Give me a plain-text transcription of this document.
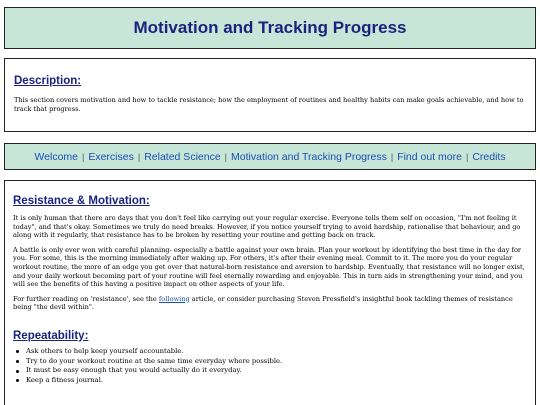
Motivation and Tracking Progress
Description:

This section covers motivation and how to tackle resistance; how the employment of routines and healthy habits can make goals achievable, and how to track that progress.

Welcome | Exercises | Related Science | Motivation and Tracking Progress | Find out more | Credits
Resistance & Motivation:

It is only human that there are days that you don't feel like carrying out your regular exercise. Everyone tells them self on occasion, "I'm not feeling it today", and that's okay. Sometimes we truly do need breaks. However, if you notice yourself trying to avoid hardship, rationalise that behaviour, and go along with it regularly, that resistance has to be broken by resetting your routine and getting back on track.

A battle is only ever won with careful planning- especially a battle against your own brain. Plan your workout by identifying the best time in the day for you. For some, this is the morning immediately after waking up. For others, it's after their evening meal. Commit to it. The more you do your regular workout routine, the more of an edge you get over that natural-born resistance and aversion to hardship. Eventually, that resistance will no longer exist, and your daily workout becoming part of your routine will feel eternally rewarding and enjoyable. This in turn aids in strengthening your mind, and you will see the benefits of this having a positive impact on other aspects of your life.

For further reading on 'resistance', see the following article, or consider purchasing Steven Pressfield's insightful book tackling themes of resistance being "the devil within".

Repeatability:
Ask others to help keep yourself accountable.
Try to do your workout routine at the same time everyday where possible.
It must be easy enough that you would actually do it everyday.
Keep a fitness journal.
